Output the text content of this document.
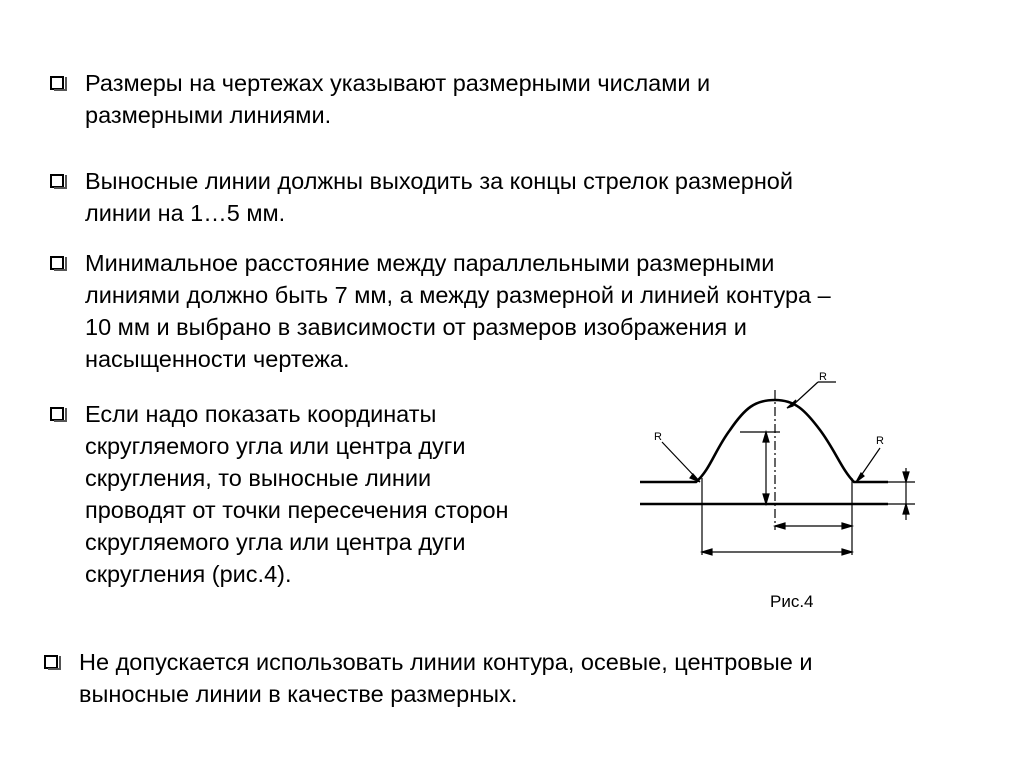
Размеры на чертежах указывают размерными числами и
размерными линиями.
Выносные линии должны выходить за концы стрелок размерной
линии на 1…5 мм.
Минимальное расстояние между параллельными размерными
линиями должно быть 7 мм, а между размерной и линией контура –
10 мм и выбрано в зависимости от размеров изображения и
насыщенности чертежа.
Если надо показать координаты
скругляемого угла или центра дуги
скругления, то выносные линии
проводят от точки пересечения сторон
скругляемого угла или центра дуги
скругления (рис.4).
Не допускается использовать линии контура, осевые, центровые и
выносные линии в качестве размерных.
R
R	R
Рис.4
